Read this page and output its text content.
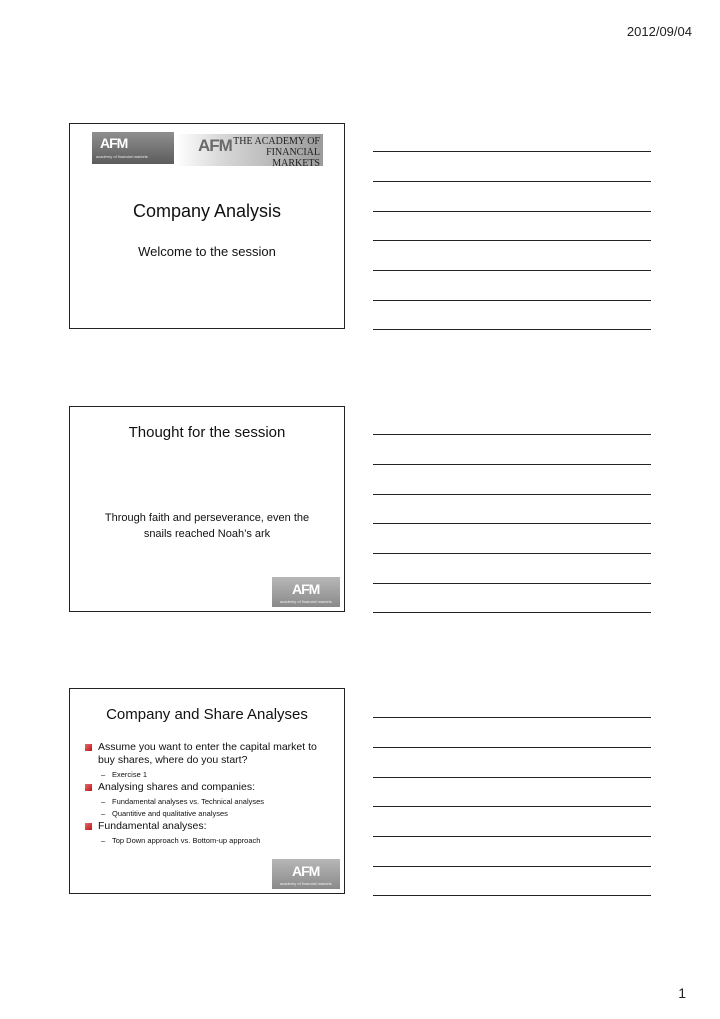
2012/09/04
AFM
academy of financial markets
AFM THE ACADEMY OF
FINANCIAL MARKETS
Company Analysis
Welcome to the session
Thought for the session
Through faith and perseverance, even the
snails reached Noah’s ark
AFM
academy of financial markets
Company and Share Analyses
Assume you want to enter the capital market to
buy shares, where do you start?
– Exercise 1
Analysing shares and companies:
– Fundamental analyses vs. Technical analyses
– Quantitive and qualitative analyses
Fundamental analyses:
– Top Down approach vs. Bottom-up approach
AFM
academy of financial markets
1
